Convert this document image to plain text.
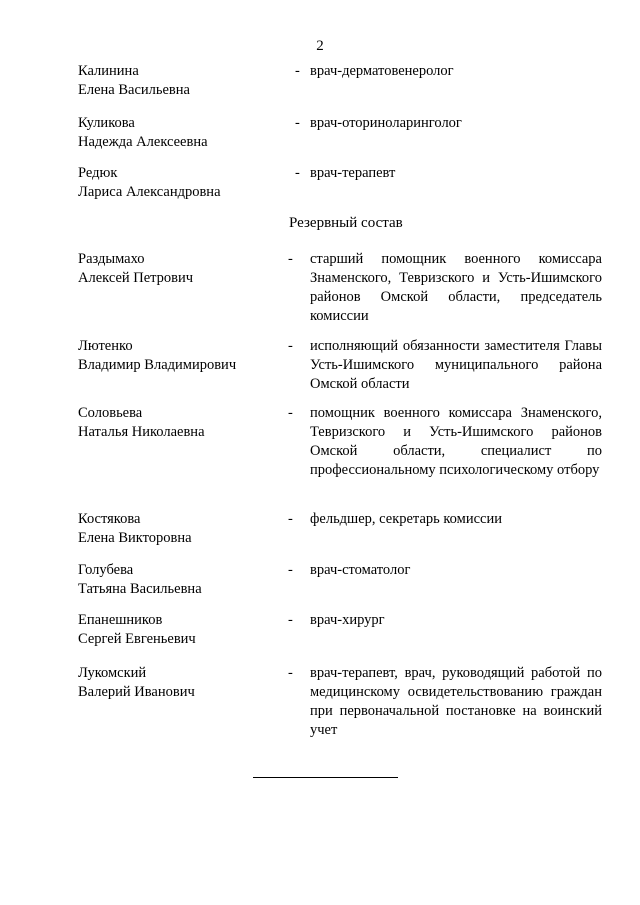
2
Калинина
Елена Васильевна
- врач-дерматовенеролог
Куликова
Надежда Алексеевна
- врач-оториноларинголог
Редюк
Лариса Александровна
- врач-терапевт
Резервный состав
Раздымахо
Алексей Петрович
- старший помощник военного комиссара Знаменского, Тевризского и Усть-Ишимского районов Омской области, председатель комиссии
Лютенко
Владимир Владимирович
- исполняющий обязанности заместителя Главы Усть-Ишимского муниципального района Омской области
Соловьева
Наталья Николаевна
- помощник военного комиссара Знаменского, Тевризского и Усть-Ишимского районов Омской области, специалист по профессиональному психологическому отбору
Костякова
Елена Викторовна
- фельдшер, секретарь комиссии
Голубева
Татьяна Васильевна
- врач-стоматолог
Епанешников
Сергей Евгеньевич
- врач-хирург
Лукомский
Валерий Иванович
- врач-терапевт, врач, руководящий работой по медицинскому освидетельствованию граждан при первоначальной постановке на воинский учет
